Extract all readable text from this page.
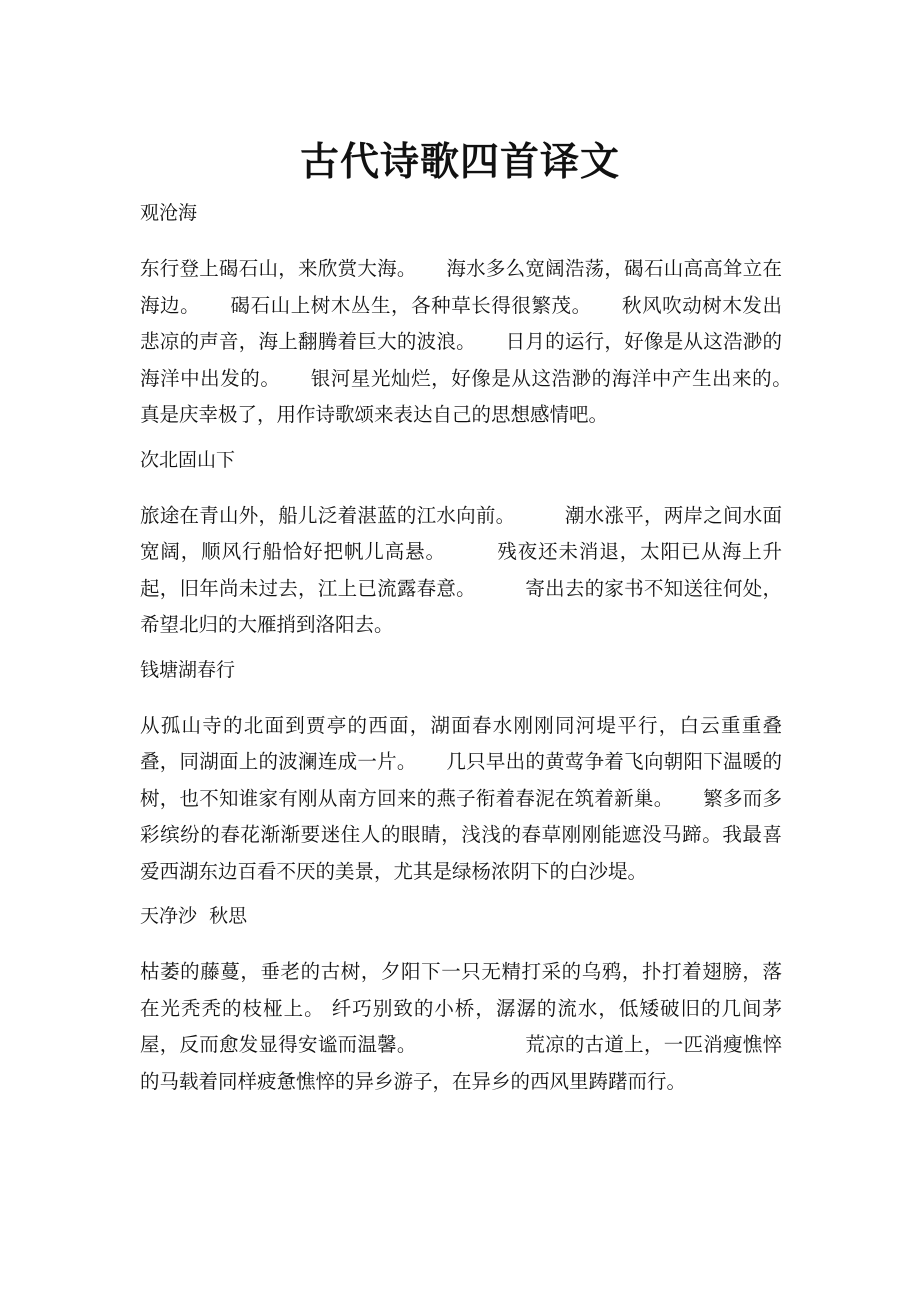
古代诗歌四首译文

观沧海

东行登上碣石山，来欣赏大海。　　海水多么宽阔浩荡，碣石山高高耸立在海边。　　碣石山上树木丛生，各种草长得很繁茂。　　秋风吹动树木发出悲凉的声音，海上翻腾着巨大的波浪。　　日月的运行，好像是从这浩渺的海洋中出发的。　　银河星光灿烂，好像是从这浩渺的海洋中产生出来的。　　真是庆幸极了，用作诗歌颂来表达自己的思想感情吧。

次北固山下

旅途在青山外，船儿泛着湛蓝的江水向前。　　　潮水涨平，两岸之间水面宽阔，顺风行船恰好把帆儿高悬。　　　残夜还未消退，太阳已从海上升起，旧年尚未过去，江上已流露春意。　　　寄出去的家书不知送往何处，希望北归的大雁捎到洛阳去。

钱塘湖春行

从孤山寺的北面到贾亭的西面，湖面春水刚刚同河堤平行，白云重重叠叠，同湖面上的波澜连成一片。　　几只早出的黄莺争着飞向朝阳下温暖的树，也不知谁家有刚从南方回来的燕子衔着春泥在筑着新巢。　　繁多而多彩缤纷的春花渐渐要迷住人的眼睛，浅浅的春草刚刚能遮没马蹄。我最喜爱西湖东边百看不厌的美景，尤其是绿杨浓阴下的白沙堤。

天净沙  秋思

枯萎的藤蔓，垂老的古树，夕阳下一只无精打采的乌鸦，扑打着翅膀，落在光秃秃的枝桠上。 纤巧别致的小桥，潺潺的流水，低矮破旧的几间茅屋，反而愈发显得安谧而温馨。　　　　　　荒凉的古道上，一匹消瘦憔悴的马载着同样疲惫憔悴的异乡游子，在异乡的西风里踌躇而行。
